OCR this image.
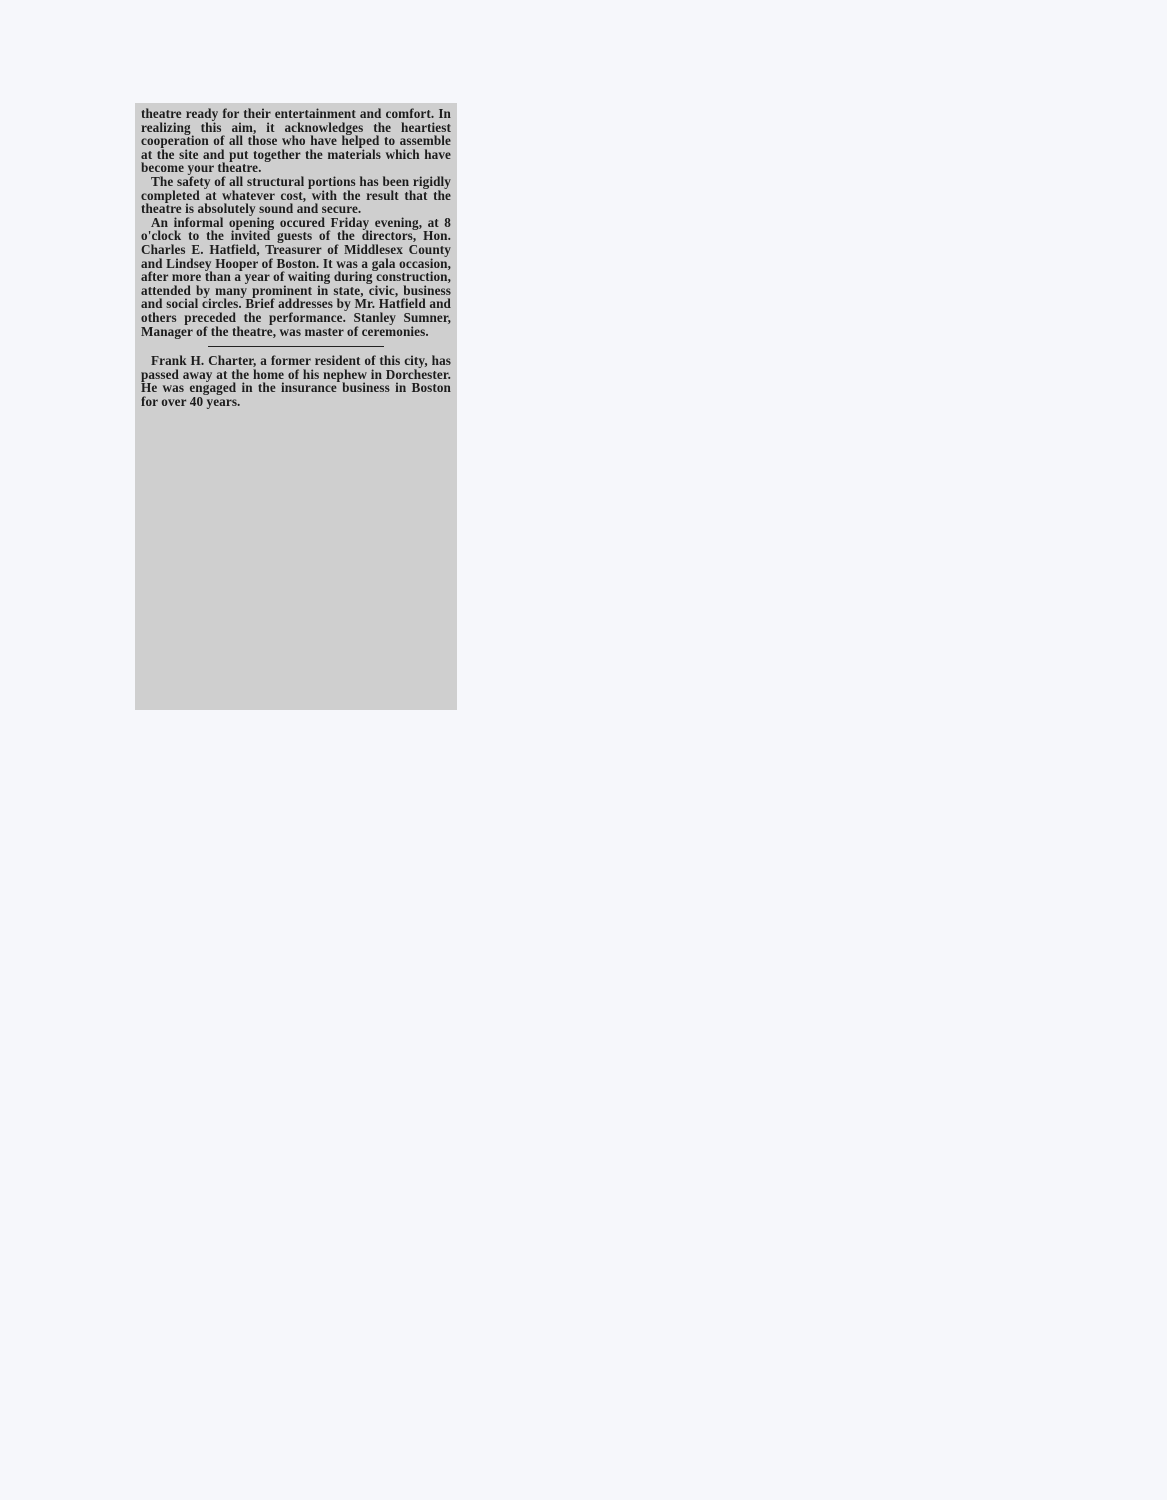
theatre ready for their entertainment and comfort. In realizing this aim, it acknowledges the heartiest cooperation of all those who have helped to assemble at the site and put together the materials which have become your theatre.

The safety of all structural portions has been rigidly completed at whatever cost, with the result that the theatre is absolutely sound and secure.

An informal opening occured Friday evening, at 8 o'clock to the invited guests of the directors, Hon. Charles E. Hatfield, Treasurer of Middlesex County and Lindsey Hooper of Boston. It was a gala occasion, after more than a year of waiting during construction, attended by many prominent in state, civic, business and social circles. Brief addresses by Mr. Hatfield and others preceded the performance. Stanley Sumner, Manager of the theatre, was master of ceremonies.

Frank H. Charter, a former resident of this city, has passed away at the home of his nephew in Dorchester. He was engaged in the insurance business in Boston for over 40 years.
